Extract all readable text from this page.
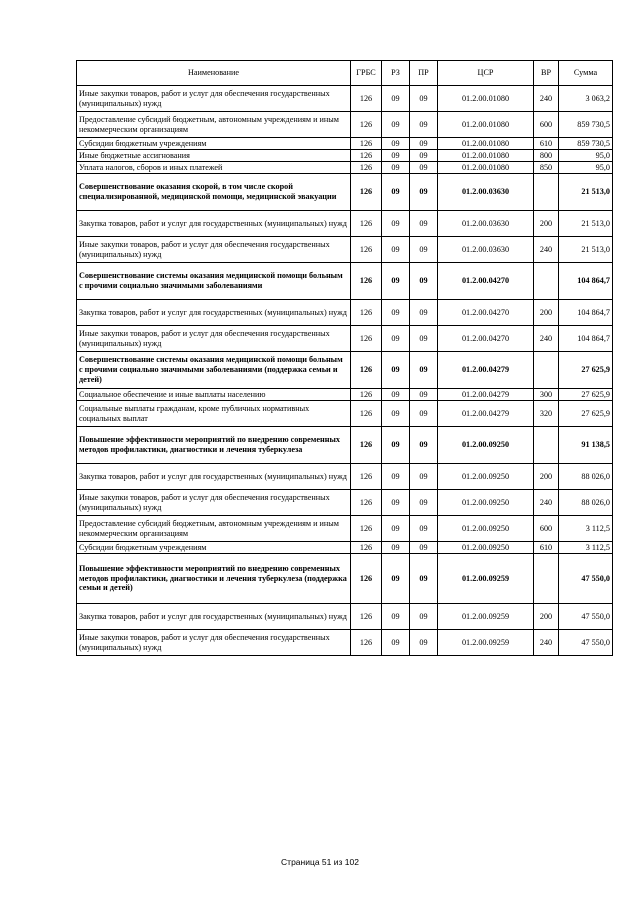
Наименование	ГРБС	РЗ	ПР	ЦСР	ВР	Сумма
Иные закупки товаров, работ и услуг для обеспечения государственных (муниципальных) нужд	126	09	09	01.2.00.01080	240	3 063,2
Предоставление субсидий бюджетным, автономным учреждениям и иным некоммерческим организациям	126	09	09	01.2.00.01080	600	859 730,5
Субсидии бюджетным учреждениям	126	09	09	01.2.00.01080	610	859 730,5
Иные бюджетные ассигнования	126	09	09	01.2.00.01080	800	95,0
Уплата налогов, сборов и иных платежей	126	09	09	01.2.00.01080	850	95,0
Совершенствование оказания скорой, в том числе скорой специализированной, медицинской помощи, медицинской эвакуации	126	09	09	01.2.00.03630		21 513,0
Закупка товаров, работ и услуг для государственных (муниципальных) нужд	126	09	09	01.2.00.03630	200	21 513,0
Иные закупки товаров, работ и услуг для обеспечения государственных (муниципальных) нужд	126	09	09	01.2.00.03630	240	21 513,0
Совершенствование системы оказания медицинской помощи больным с прочими социально значимыми заболеваниями	126	09	09	01.2.00.04270		104 864,7
Закупка товаров, работ и услуг для государственных (муниципальных) нужд	126	09	09	01.2.00.04270	200	104 864,7
Иные закупки товаров, работ и услуг для обеспечения государственных (муниципальных) нужд	126	09	09	01.2.00.04270	240	104 864,7
Совершенствование системы оказания медицинской помощи больным с прочими социально значимыми заболеваниями (поддержка семьи и детей)	126	09	09	01.2.00.04279		27 625,9
Социальное обеспечение и иные выплаты населению	126	09	09	01.2.00.04279	300	27 625,9
Социальные выплаты гражданам, кроме публичных нормативных социальных выплат	126	09	09	01.2.00.04279	320	27 625,9
Повышение эффективности мероприятий по внедрению современных методов профилактики, диагностики и лечения туберкулеза	126	09	09	01.2.00.09250		91 138,5
Закупка товаров, работ и услуг для государственных (муниципальных) нужд	126	09	09	01.2.00.09250	200	88 026,0
Иные закупки товаров, работ и услуг для обеспечения государственных (муниципальных) нужд	126	09	09	01.2.00.09250	240	88 026,0
Предоставление субсидий бюджетным, автономным учреждениям и иным некоммерческим организациям	126	09	09	01.2.00.09250	600	3 112,5
Субсидии бюджетным учреждениям	126	09	09	01.2.00.09250	610	3 112,5
Повышение эффективности мероприятий по внедрению современных методов профилактики, диагностики и лечения туберкулеза (поддержка семьи и детей)	126	09	09	01.2.00.09259		47 550,0
Закупка товаров, работ и услуг для государственных (муниципальных) нужд	126	09	09	01.2.00.09259	200	47 550,0
Иные закупки товаров, работ и услуг для обеспечения государственных (муниципальных) нужд	126	09	09	01.2.00.09259	240	47 550,0
Страница 51 из 102
